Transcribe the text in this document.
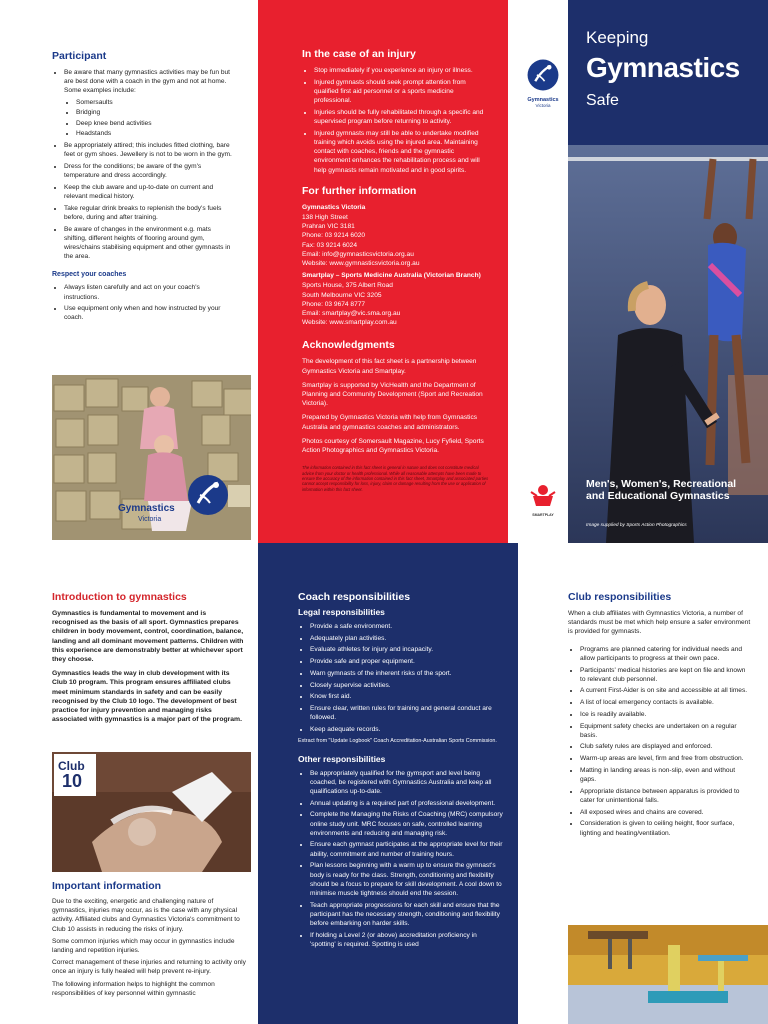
Participant
• Be aware that many gymnastics activities may be fun but are best done with a coach in the gym and not at home. Some examples include:
• Somersaults
• Bridging
• Deep knee bend activities
• Headstands
• Be appropriately attired; this includes fitted clothing, bare feet or gym shoes. Jewellery is not to be worn in the gym.
• Dress for the conditions; be aware of the gym's temperature and dress accordingly.
• Keep the club aware and up-to-date on current and relevant medical history.
• Take regular drink breaks to replenish the body's fuels before, during and after training.
• Be aware of changes in the environment e.g. mats shifting, different heights of flooring around gym, wires/chains stabilising equipment and other gymnasts in the area.
Respect your coaches
• Always listen carefully and act on your coach's instructions.
• Use equipment only when and how instructed by your coach.
Gymnastics
Victoria
In the case of an injury
• Stop immediately if you experience an injury or illness.
• Injured gymnasts should seek prompt attention from qualified first aid personnel or a sports medicine professional.
• Injuries should be fully rehabilitated through a specific and supervised program before returning to activity.
• Injured gymnasts may still be able to undertake modified training which avoids using the injured area. Maintaining contact with coaches, friends and the gymnastic environment enhances the rehabilitation process and will help gymnasts remain motivated and in good spirits.
For further information

Gymnastics Victoria

138 High Street

Prahran VIC 3181

Phone: 03 9214 6020

Fax: 03 9214 6024

Email: info@gymnasticsvictoria.org.au

Website: www.gymnasticsvictoria.org.au

Smartplay – Sports Medicine Australia (Victorian Branch)

Sports House, 375 Albert Road

South Melbourne VIC 3205

Phone: 03 9674 8777

Email: smartplay@vic.sma.org.au

Website: www.smartplay.com.au

Acknowledgments

The development of this fact sheet is a partnership between Gymnastics Victoria and Smartplay.

Smartplay is supported by VicHealth and the Department of Planning and Community Development (Sport and Recreation Victoria).

Prepared by Gymnastics Victoria with help from Gymnastics Australia and gymnastics coaches and administrators.

Photos courtesy of Somersault Magazine, Lucy Fyfield, Sports Action Photographics and Gymnastics Victoria.

The information contained in this fact sheet is general in nature and does not constitute medical advice from your doctor or health professional. While all reasonable attempts have been made to ensure the accuracy of the information contained in this fact sheet, Smartplay and associated parties cannot accept responsibility for loss, injury, claim or damage resulting from the use or application of information within this fact sheet.

Gymnastics
Victoria
SMARTPLAY
Keeping
Gymnastics
Safe
Men's, Women's, Recreational and Educational Gymnastics
Image supplied by Sports Action Photographics
Introduction to gymnastics

Gymnastics is fundamental to movement and is recognised as the basis of all sport. Gymnastics prepares children in body movement, control, coordination, balance, landing and all dominant movement patterns. Children with this experience are demonstrably better at whichever sport they choose.

Gymnastics leads the way in club development with its Club 10 program. This program ensures affiliated clubs meet minimum standards in safety and can be easily recognised by the Club 10 logo. The development of best practice for injury prevention and managing risks associated with gymnastics is a major part of the program.

Club
10
Important information

Due to the exciting, energetic and challenging nature of gymnastics, injuries may occur, as is the case with any physical activity. Affiliated clubs and Gymnastics Victoria's commitment to Club 10 assists in reducing the risks of injury.

Some common injuries which may occur in gymnastics include landing and repetition injuries.

Correct management of these injuries and returning to activity only once an injury is fully healed will help prevent re-injury.

The following information helps to highlight the common responsibilities of key personnel within gymnastic

Coach responsibilities
Legal responsibilities
• Provide a safe environment.
• Adequately plan activities.
• Evaluate athletes for injury and incapacity.
• Provide safe and proper equipment.
• Warn gymnasts of the inherent risks of the sport.
• Closely supervise activities.
• Know first aid.
• Ensure clear, written rules for training and general conduct are followed.
• Keep adequate records.

Extract from "Update Logbook" Coach Accreditation-Australian Sports Commission.

Other responsibilities
• Be appropriately qualified for the gymsport and level being coached, be registered with Gymnastics Australia and keep all qualifications up-to-date.
• Annual updating is a required part of professional development.
• Complete the Managing the Risks of Coaching (MRC) compulsory online study unit. MRC focuses on safe, controlled learning environments and reducing and managing risk.
• Ensure each gymnast participates at the appropriate level for their ability, commitment and number of training hours.
• Plan lessons beginning with a warm up to ensure the gymnast's body is ready for the class. Strength, conditioning and flexibility should be a focus to prepare for skill development. A cool down to minimise muscle tightness should end the session.
• Teach appropriate progressions for each skill and ensure that the participant has the necessary strength, conditioning and flexibility before embarking on harder skills.
• If holding a Level 2 (or above) accreditation proficiency in 'spotting' is required. Spotting is used
Club responsibilities

When a club affiliates with Gymnastics Victoria, a number of standards must be met which help ensure a safer environment is provided for gymnasts.

• Programs are planned catering for individual needs and allow participants to progress at their own pace.
• Participants' medical histories are kept on file and known to relevant club personnel.
• A current First-Aider is on site and accessible at all times.
• A list of local emergency contacts is available.
• Ice is readily available.
• Equipment safety checks are undertaken on a regular basis.
• Club safety rules are displayed and enforced.
• Warm-up areas are level, firm and free from obstruction.
• Matting in landing areas is non-slip, even and without gaps.
• Appropriate distance between apparatus is provided to cater for unintentional falls.
• All exposed wires and chains are covered.
• Consideration is given to ceiling height, floor surface, lighting and heating/ventilation.
